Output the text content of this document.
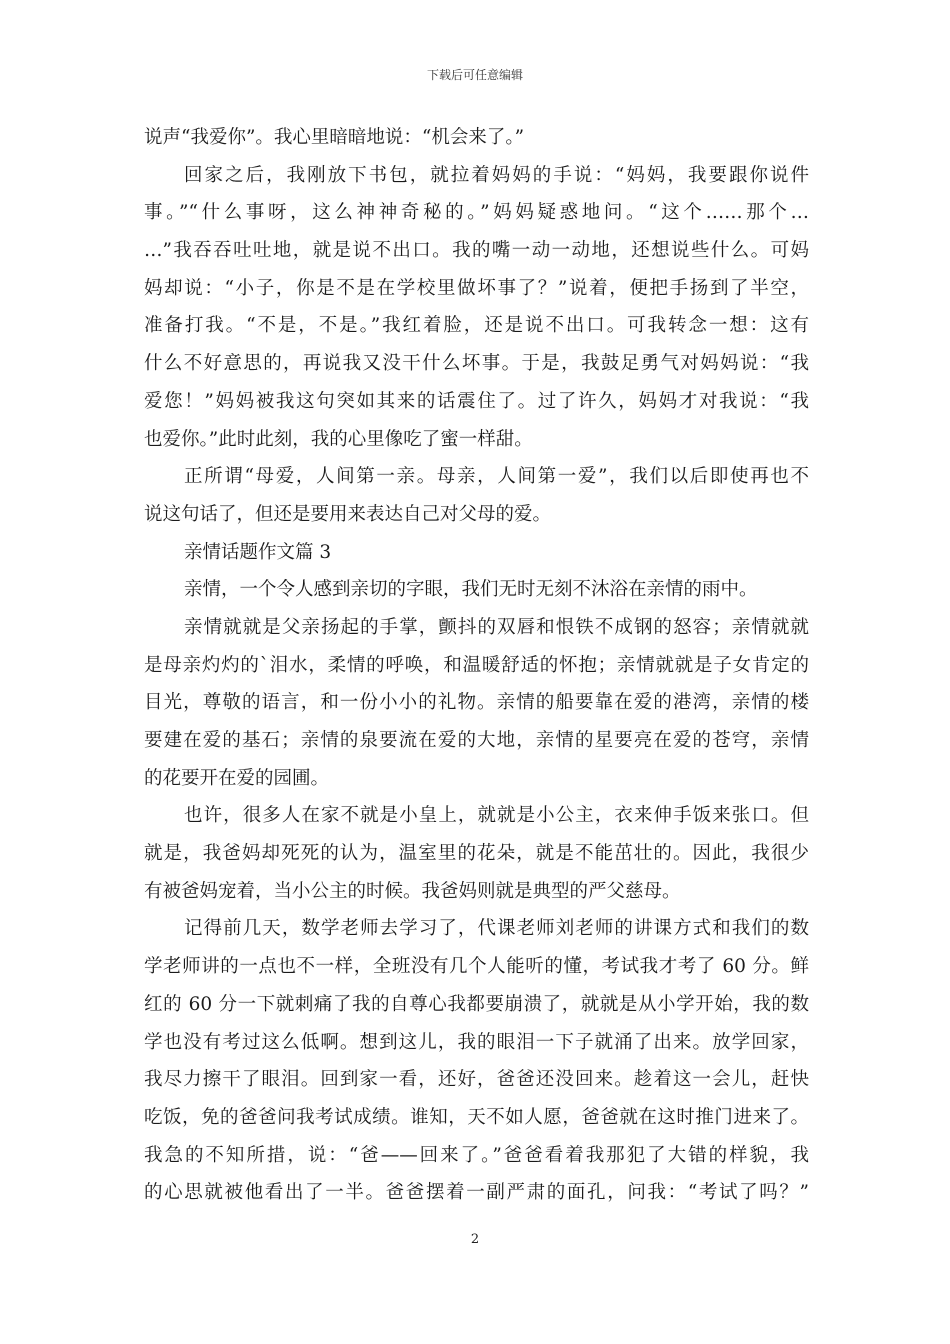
下载后可任意编辑
说声“我爱你”。我心里暗暗地说：“机会来了。”
回家之后，我刚放下书包，就拉着妈妈的手说：“妈妈，我要跟你说件
事。”“什么事呀，这么神神奇秘的。”妈妈疑惑地问。“这个……那个…
…”我吞吞吐吐地，就是说不出口。我的嘴一动一动地，还想说些什么。可妈
妈却说：“小子，你是不是在学校里做坏事了？”说着，便把手扬到了半空，
准备打我。“不是，不是。”我红着脸，还是说不出口。可我转念一想：这有
什么不好意思的，再说我又没干什么坏事。于是，我鼓足勇气对妈妈说：“我
爱您！”妈妈被我这句突如其来的话震住了。过了许久，妈妈才对我说：“我
也爱你。”此时此刻，我的心里像吃了蜜一样甜。
正所谓“母爱，人间第一亲。母亲，人间第一爱”，我们以后即使再也不
说这句话了，但还是要用来表达自己对父母的爱。
亲情话题作文篇 3
亲情，一个令人感到亲切的字眼，我们无时无刻不沐浴在亲情的雨中。
亲情就就是父亲扬起的手掌，颤抖的双唇和恨铁不成钢的怒容；亲情就就
是母亲灼灼的`泪水，柔情的呼唤，和温暖舒适的怀抱；亲情就就是子女肯定的
目光，尊敬的语言，和一份小小的礼物。亲情的船要靠在爱的港湾，亲情的楼
要建在爱的基石；亲情的泉要流在爱的大地，亲情的星要亮在爱的苍穹，亲情
的花要开在爱的园圃。
也许，很多人在家不就是小皇上，就就是小公主，衣来伸手饭来张口。但
就是，我爸妈却死死的认为，温室里的花朵，就是不能茁壮的。因此，我很少
有被爸妈宠着，当小公主的时候。我爸妈则就是典型的严父慈母。
记得前几天，数学老师去学习了，代课老师刘老师的讲课方式和我们的数
学老师讲的一点也不一样，全班没有几个人能听的懂，考试我才考了 60 分。鲜
红的 60 分一下就刺痛了我的自尊心我都要崩溃了，就就是从小学开始，我的数
学也没有考过这么低啊。想到这儿，我的眼泪一下子就涌了出来。放学回家，
我尽力擦干了眼泪。回到家一看，还好，爸爸还没回来。趁着这一会儿，赶快
吃饭，免的爸爸问我考试成绩。谁知，天不如人愿，爸爸就在这时推门进来了。
我急的不知所措，说：“爸——回来了。”爸爸看着我那犯了大错的样貌，我
的心思就被他看出了一半。爸爸摆着一副严肃的面孔，问我：“考试了吗？”
2
